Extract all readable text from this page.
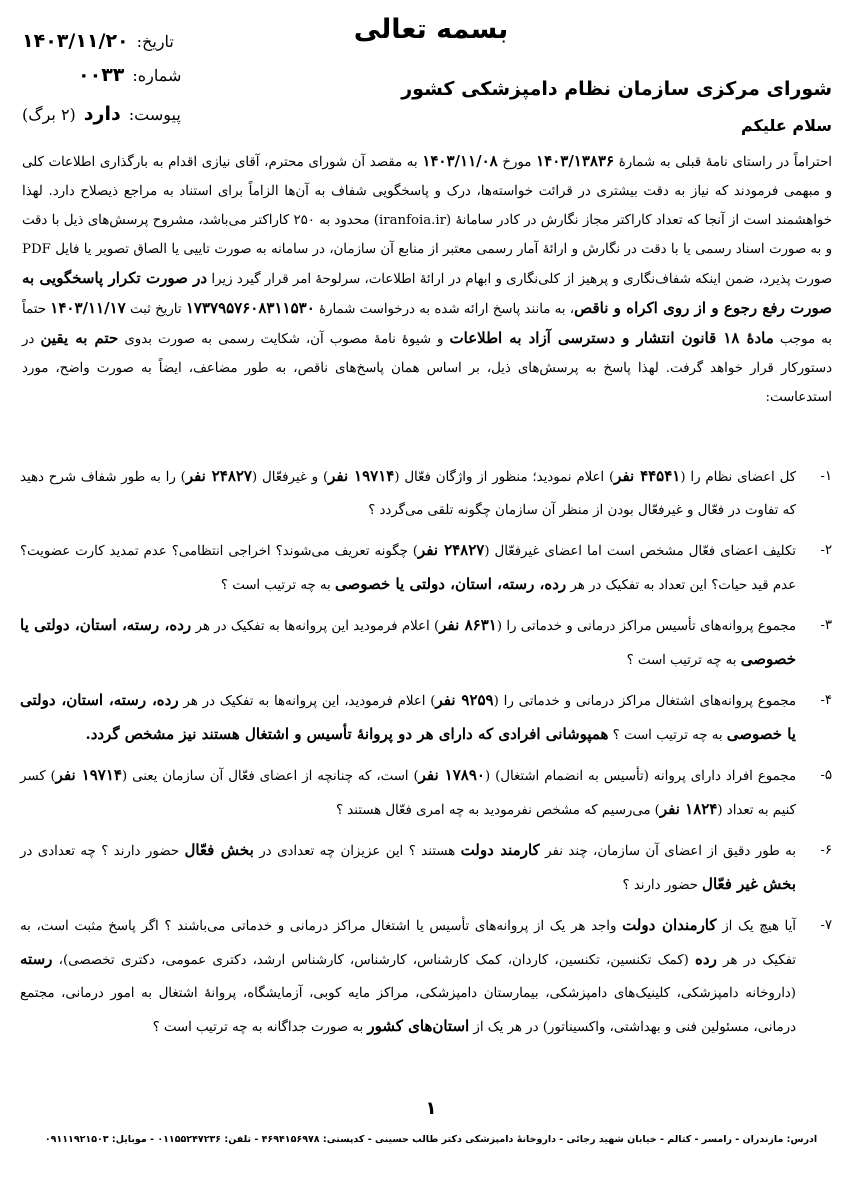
بسمه تعالی
تاریخ:
۱۴۰۳/۱۱/۲۰
شماره:
۰۰۳۳
پیوست:
دارد
(۲ برگ)
شورای مرکزی سازمان نظام دامپزشکی کشور
سلام علیکم
احتراماً در راستای نامهٔ قبلی به شمارهٔ ۱۴۰۳/۱۳۸۳۶ مورخ ۱۴۰۳/۱۱/۰۸ به مقصد آن شورای محترم، آقای نیازی اقدام به بارگذاری اطلاعات کلی و مبهمی فرمودند که نیاز به دقت بیشتری در قرائت خواسته‌ها، درک و پاسخگویی شفاف به آن‌ها الزاماً برای استناد به مراجع ذیصلاح دارد. لهذا خواهشمند است از آنجا که تعداد کاراکتر مجاز نگارش در کادر سامانهٔ (iranfoia.ir) محدود به ۲۵۰ کاراکتر می‌باشد، مشروح پرسش‌های ذیل با دقت و به صورت اسناد رسمی یا با دقت در نگارش و ارائهٔ آمار رسمی معتبر از منابع آن سازمان، در سامانه به صورت تاییی یا الصاق تصویر یا فایل PDF صورت پذیرد، ضمن اینکه شفاف‌نگاری و پرهیز از کلی‌نگاری و ابهام در ارائهٔ اطلاعات، سرلوحهٔ امر قرار گیرد زیرا در صورت تکرار پاسخگویی به صورت رفع رجوع و از روی اکراه و ناقص، به مانند پاسخ ارائه شده به درخواست شمارهٔ ۱۷۳۷۹۵۷۶۰۸۳۱۱۵۳۰ تاریخ ثبت ۱۴۰۳/۱۱/۱۷ حتماً به موجب مادهٔ ۱۸ قانون انتشار و دسترسی آزاد به اطلاعات و شیوهٔ نامهٔ مصوب آن، شکایت رسمی به صورت بدوی حتم به یقین در دستورکار قرار خواهد گرفت. لهذا پاسخ به پرسش‌های ذیل، بر اساس همان پاسخ‌های ناقص، به طور مضاعف، ایضاً به صورت واضح، مورد استدعاست:
۱-
کل اعضای نظام را (۴۴۵۴۱ نفر) اعلام نمودید؛ منظور از واژگان فعّال (۱۹۷۱۴ نفر) و غیرفعّال (۲۴۸۲۷ نفر) را به طور شفاف شرح دهید که تفاوت در فعّال و غیرفعّال بودن از منظر آن سازمان چگونه تلقی می‌گردد ؟
۲-
تکلیف اعضای فعّال مشخص است اما اعضای غیرفعّال (۲۴۸۲۷ نفر) چگونه تعریف می‌شوند؟ اخراجی انتظامی؟ عدم تمدید کارت عضویت؟ عدم قید حیات؟ این تعداد به تفکیک در هر رده، رسته، استان، دولتی یا خصوصی به چه ترتیب است ؟
۳-
مجموع پروانه‌های تأسیس مراکز درمانی و خدماتی را (۸۶۳۱ نفر) اعلام فرمودید این پروانه‌ها به تفکیک در هر رده، رسته، استان، دولتی یا خصوصی به چه ترتیب است ؟
۴-
مجموع پروانه‌های اشتغال مراکز درمانی و خدماتی را (۹۲۵۹ نفر) اعلام فرمودید، این پروانه‌ها به تفکیک در هر رده، رسته، استان، دولتی یا خصوصی به چه ترتیب است ؟ همپوشانی افرادی که دارای هر دو پروانهٔ تأسیس و اشتغال هستند نیز مشخص گردد.
۵-
مجموع افراد دارای پروانه (تأسیس به انضمام اشتغال) (۱۷۸۹۰ نفر) است، که چنانچه از اعضای فعّال آن سازمان یعنی (۱۹۷۱۴ نفر) کسر کنیم به تعداد (۱۸۲۴ نفر) می‌رسیم که مشخص نفرمودید به چه امری فعّال هستند ؟
۶-
به طور دقیق از اعضای آن سازمان، چند نفر کارمند دولت هستند ؟ این عزیزان چه تعدادی در بخش فعّال حضور دارند ؟ چه تعدادی در بخش غیر فعّال حضور دارند ؟
۷-
آیا هیچ یک از کارمندان دولت واجد هر یک از پروانه‌های تأسیس یا اشتغال مراکز درمانی و خدماتی می‌باشند ؟ اگر پاسخ مثبت است، به تفکیک در هر رده (کمک تکنسین، تکنسین، کاردان، کمک کارشناس، کارشناس، کارشناس ارشد، دکتری عمومی، دکتری تخصصی)، رسته (داروخانه دامپزشکی، کلینیک‌های دامپزشکی، بیمارستان دامپزشکی، مراکز مایه کوبی، آزمایشگاه، پروانهٔ اشتغال به امور درمانی، مجتمع درمانی، مسئولین فنی و بهداشتی، واکسیناتور) در هر یک از استان‌های کشور به صورت جداگانه به چه ترتیب است ؟
۱
آدرس: مازندران - رامسر - کتالم - خیابان شهید رجائی - داروخانهٔ دامپزشکی دکتر طالب حسینی - کدپستی: ۴۶۹۴۱۵۶۹۷۸ - تلفن: ۰۱۱۵۵۲۴۷۲۳۶ - موبایل: ۰۹۱۱۱۹۲۱۵۰۳
